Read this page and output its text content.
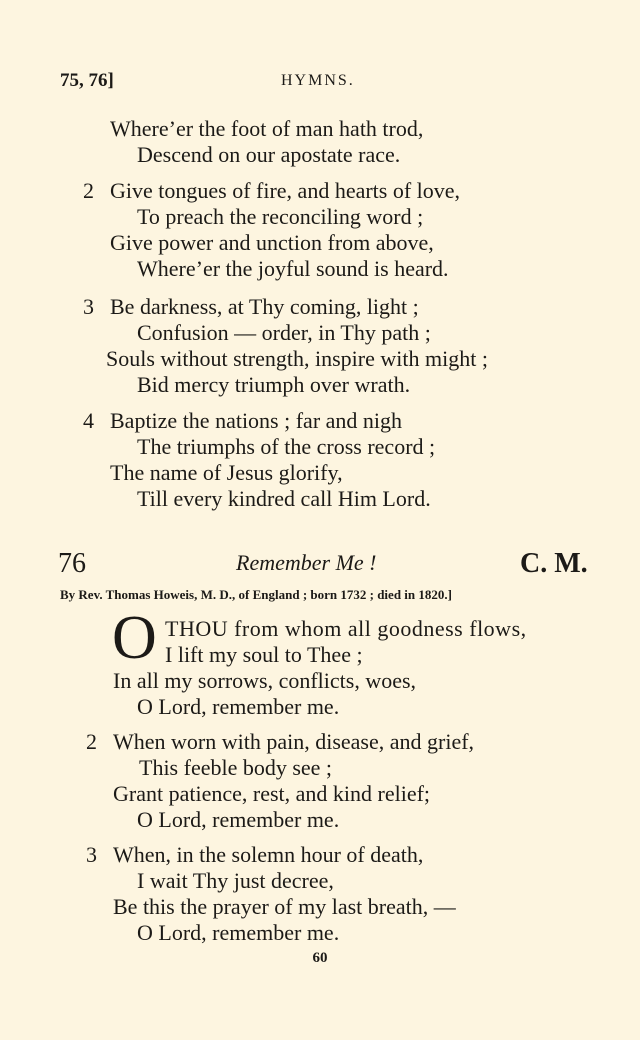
75, 76]	HYMNS.
Where’er the foot of man hath trod,
Descend on our apostate race.
2 Give tongues of fire, and hearts of love,
To preach the reconciling word ;
Give power and unction from above,
Where’er the joyful sound is heard.
3 Be darkness, at Thy coming, light ;
Confusion — order, in Thy path ;
Souls without strength, inspire with might ;
Bid mercy triumph over wrath.
4 Baptize the nations ; far and nigh
The triumphs of the cross record ;
The name of Jesus glorify,
Till every kindred call Him Lord.
76	Remember Me !	C. M.
By Rev. Thomas Howeis, M. D., of England ; born 1732 ; died in 1820.]
O THOU from whom all goodness flows,
I lift my soul to Thee ;
In all my sorrows, conflicts, woes,
O Lord, remember me.
2 When worn with pain, disease, and grief,
This feeble body see ;
Grant patience, rest, and kind relief;
O Lord, remember me.
3 When, in the solemn hour of death,
I wait Thy just decree,
Be this the prayer of my last breath, —
O Lord, remember me.
60
